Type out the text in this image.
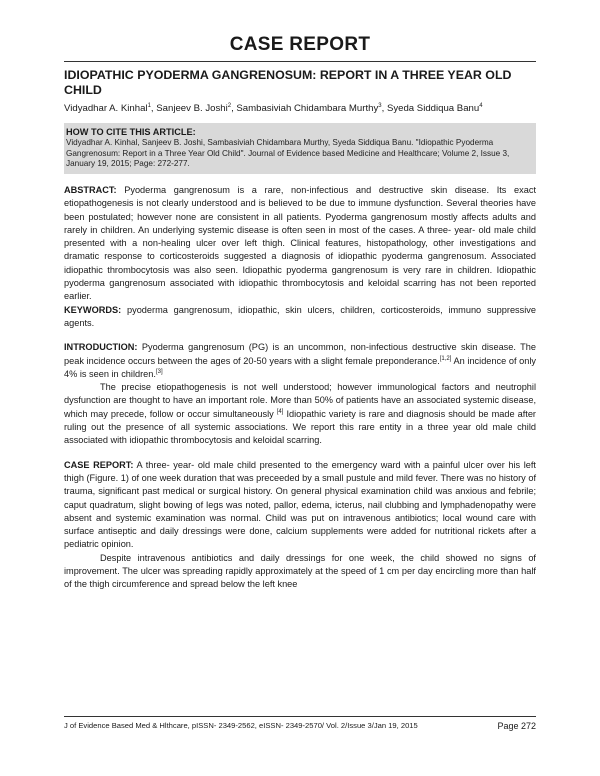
CASE REPORT
IDIOPATHIC PYODERMA GANGRENOSUM: REPORT IN A THREE YEAR OLD CHILD
Vidyadhar A. Kinhal$^1$, Sanjeev B. Joshi$^2$, Sambasiviah Chidambara Murthy$^3$, Syeda Siddiqua Banu$^4$
HOW TO CITE THIS ARTICLE:
Vidyadhar A. Kinhal, Sanjeev B. Joshi, Sambasiviah Chidambara Murthy, Syeda Siddiqua Banu. "Idiopathic Pyoderma Gangrenosum: Report in a Three Year Old Child". Journal of Evidence based Medicine and Healthcare; Volume 2, Issue 3, January 19, 2015; Page: 272-277.

ABSTRACT: Pyoderma gangrenosum is a rare, non-infectious and destructive skin disease. Its exact etiopathogenesis is not clearly understood and is believed to be due to immune dysfunction. Several theories have been postulated; however none are consistent in all patients. Pyoderma gangrenosum mostly affects adults and rarely in children. An underlying systemic disease is often seen in most of the cases. A three- year- old male child presented with a non-healing ulcer over left thigh. Clinical features, histopathology, other investigations and dramatic response to corticosteroids suggested a diagnosis of idiopathic pyoderma gangrenosum. Associated idiopathic thrombocytosis was also seen. Idiopathic pyoderma gangrenosum is very rare in children. Idiopathic pyoderma gangrenosum associated with idiopathic thrombocytosis and keloidal scarring has not been reported earlier.

KEYWORDS: pyoderma gangrenosum, idiopathic, skin ulcers, children, corticosteroids, immuno suppressive agents.

INTRODUCTION: Pyoderma gangrenosum (PG) is an uncommon, non-infectious destructive skin disease. The peak incidence occurs between the ages of 20-50 years with a slight female preponderance.[1,2] An incidence of only 4% is seen in children.[3]

The precise etiopathogenesis is not well understood; however immunological factors and neutrophil dysfunction are thought to have an important role. More than 50% of patients have an associated systemic disease, which may precede, follow or occur simultaneously [4] Idiopathic variety is rare and diagnosis should be made after ruling out the presence of all systemic associations. We report this rare entity in a three year old male child associated with idiopathic thrombocytosis and keloidal scarring.

CASE REPORT: A three- year- old male child presented to the emergency ward with a painful ulcer over his left thigh (Figure. 1) of one week duration that was preceeded by a small pustule and mild fever. There was no history of trauma, significant past medical or surgical history. On general physical examination child was anxious and febrile; caput quadratum, slight bowing of legs was noted, pallor, edema, icterus, nail clubbing and lymphadenopathy were absent and systemic examination was normal. Child was put on intravenous antibiotics; local wound care with surface antiseptic and daily dressings were done, calcium supplements were added for nutritional rickets after a pediatric opinion.

Despite intravenous antibiotics and daily dressings for one week, the child showed no signs of improvement. The ulcer was spreading rapidly approximately at the speed of 1 cm per day encircling more than half of the thigh circumference and spread below the left knee

J of Evidence Based Med & Hlthcare, pISSN- 2349-2562, eISSN- 2349-2570/ Vol. 2/Issue 3/Jan 19, 2015	Page 272
